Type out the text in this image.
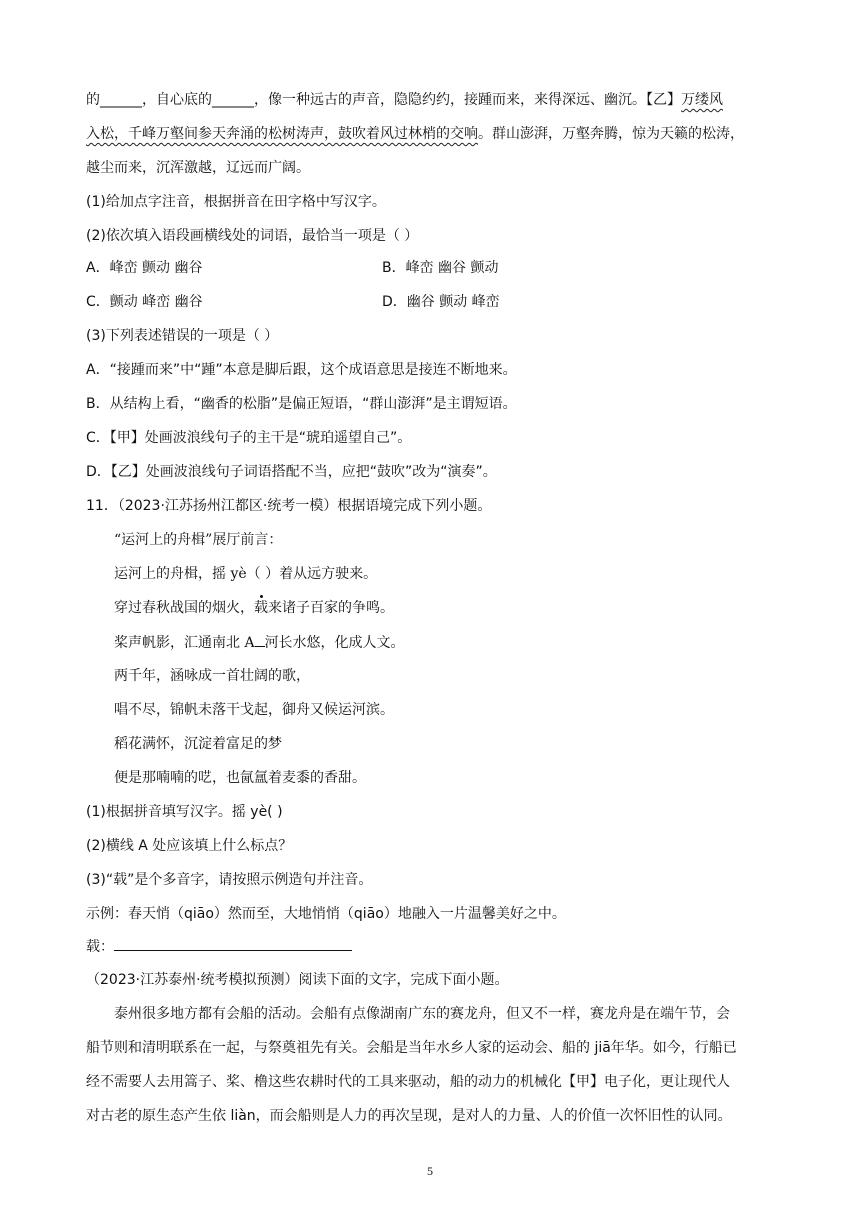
的______，自心底的______，像一种远古的声音，隐隐约约，接踵而来，来得深远、幽沉。【乙】万缕风
入松，千峰万壑间参天奔涌的松树涛声，鼓吹着风过林梢的交响。群山澎湃，万壑奔腾，惊为天籁的松涛，
越尘而来，沉浑激越，辽远而广阔。
(1)给加点字注音，根据拼音在田字格中写汉字。
(2)依次填入语段画横线处的词语，最恰当一项是（ ）
A．峰峦 颤动 幽谷	B．峰峦 幽谷 颤动
C．颤动 峰峦 幽谷	D．幽谷 颤动 峰峦
(3)下列表述错误的一项是（ ）
A．“接踵而来”中“踵”本意是脚后跟，这个成语意思是接连不断地来。
B．从结构上看，“幽香的松脂”是偏正短语，“群山澎湃”是主谓短语。
C．【甲】处画波浪线句子的主干是“琥珀遥望自己”。
D．【乙】处画波浪线句子词语搭配不当，应把“鼓吹”改为“演奏”。
11．（2023·江苏扬州江都区·统考一模）根据语境完成下列小题。
“运河上的舟楫”展厅前言：
运河上的舟楫，摇 yè（ ）着从远方驶来。
穿过春秋战国的烟火，载来诸子百家的争鸣。
桨声帆影，汇通南北 A 河长水悠，化成人文。
两千年，涵咏成一首壮阔的歌，
唱不尽，锦帆未落干戈起，御舟又候运河滨。
稻花满怀，沉淀着富足的梦
便是那喃喃的呓，也氤氲着麦黍的香甜。
(1)根据拼音填写汉字。摇 yè( )
(2)横线 A 处应该填上什么标点？
(3)“载”是个多音字，请按照示例造句并注音。
示例：春天悄（qiāo）然而至，大地悄悄（qiāo）地融入一片温馨美好之中。
载：
（2023·江苏泰州·统考模拟预测）阅读下面的文字，完成下面小题。
泰州很多地方都有会船的活动。会船有点像湖南广东的赛龙舟，但又不一样，赛龙舟是在端午节，会
船节则和清明联系在一起，与祭奠祖先有关。会船是当年水乡人家的运动会、船的 jiā年华。如今，行船已
经不需要人去用篙子、桨、橹这些农耕时代的工具来驱动，船的动力的机械化【甲】电子化，更让现代人
对古老的原生态产生依 liàn，而会船则是人力的再次呈现，是对人的力量、人的价值一次怀旧性的认同。
5
